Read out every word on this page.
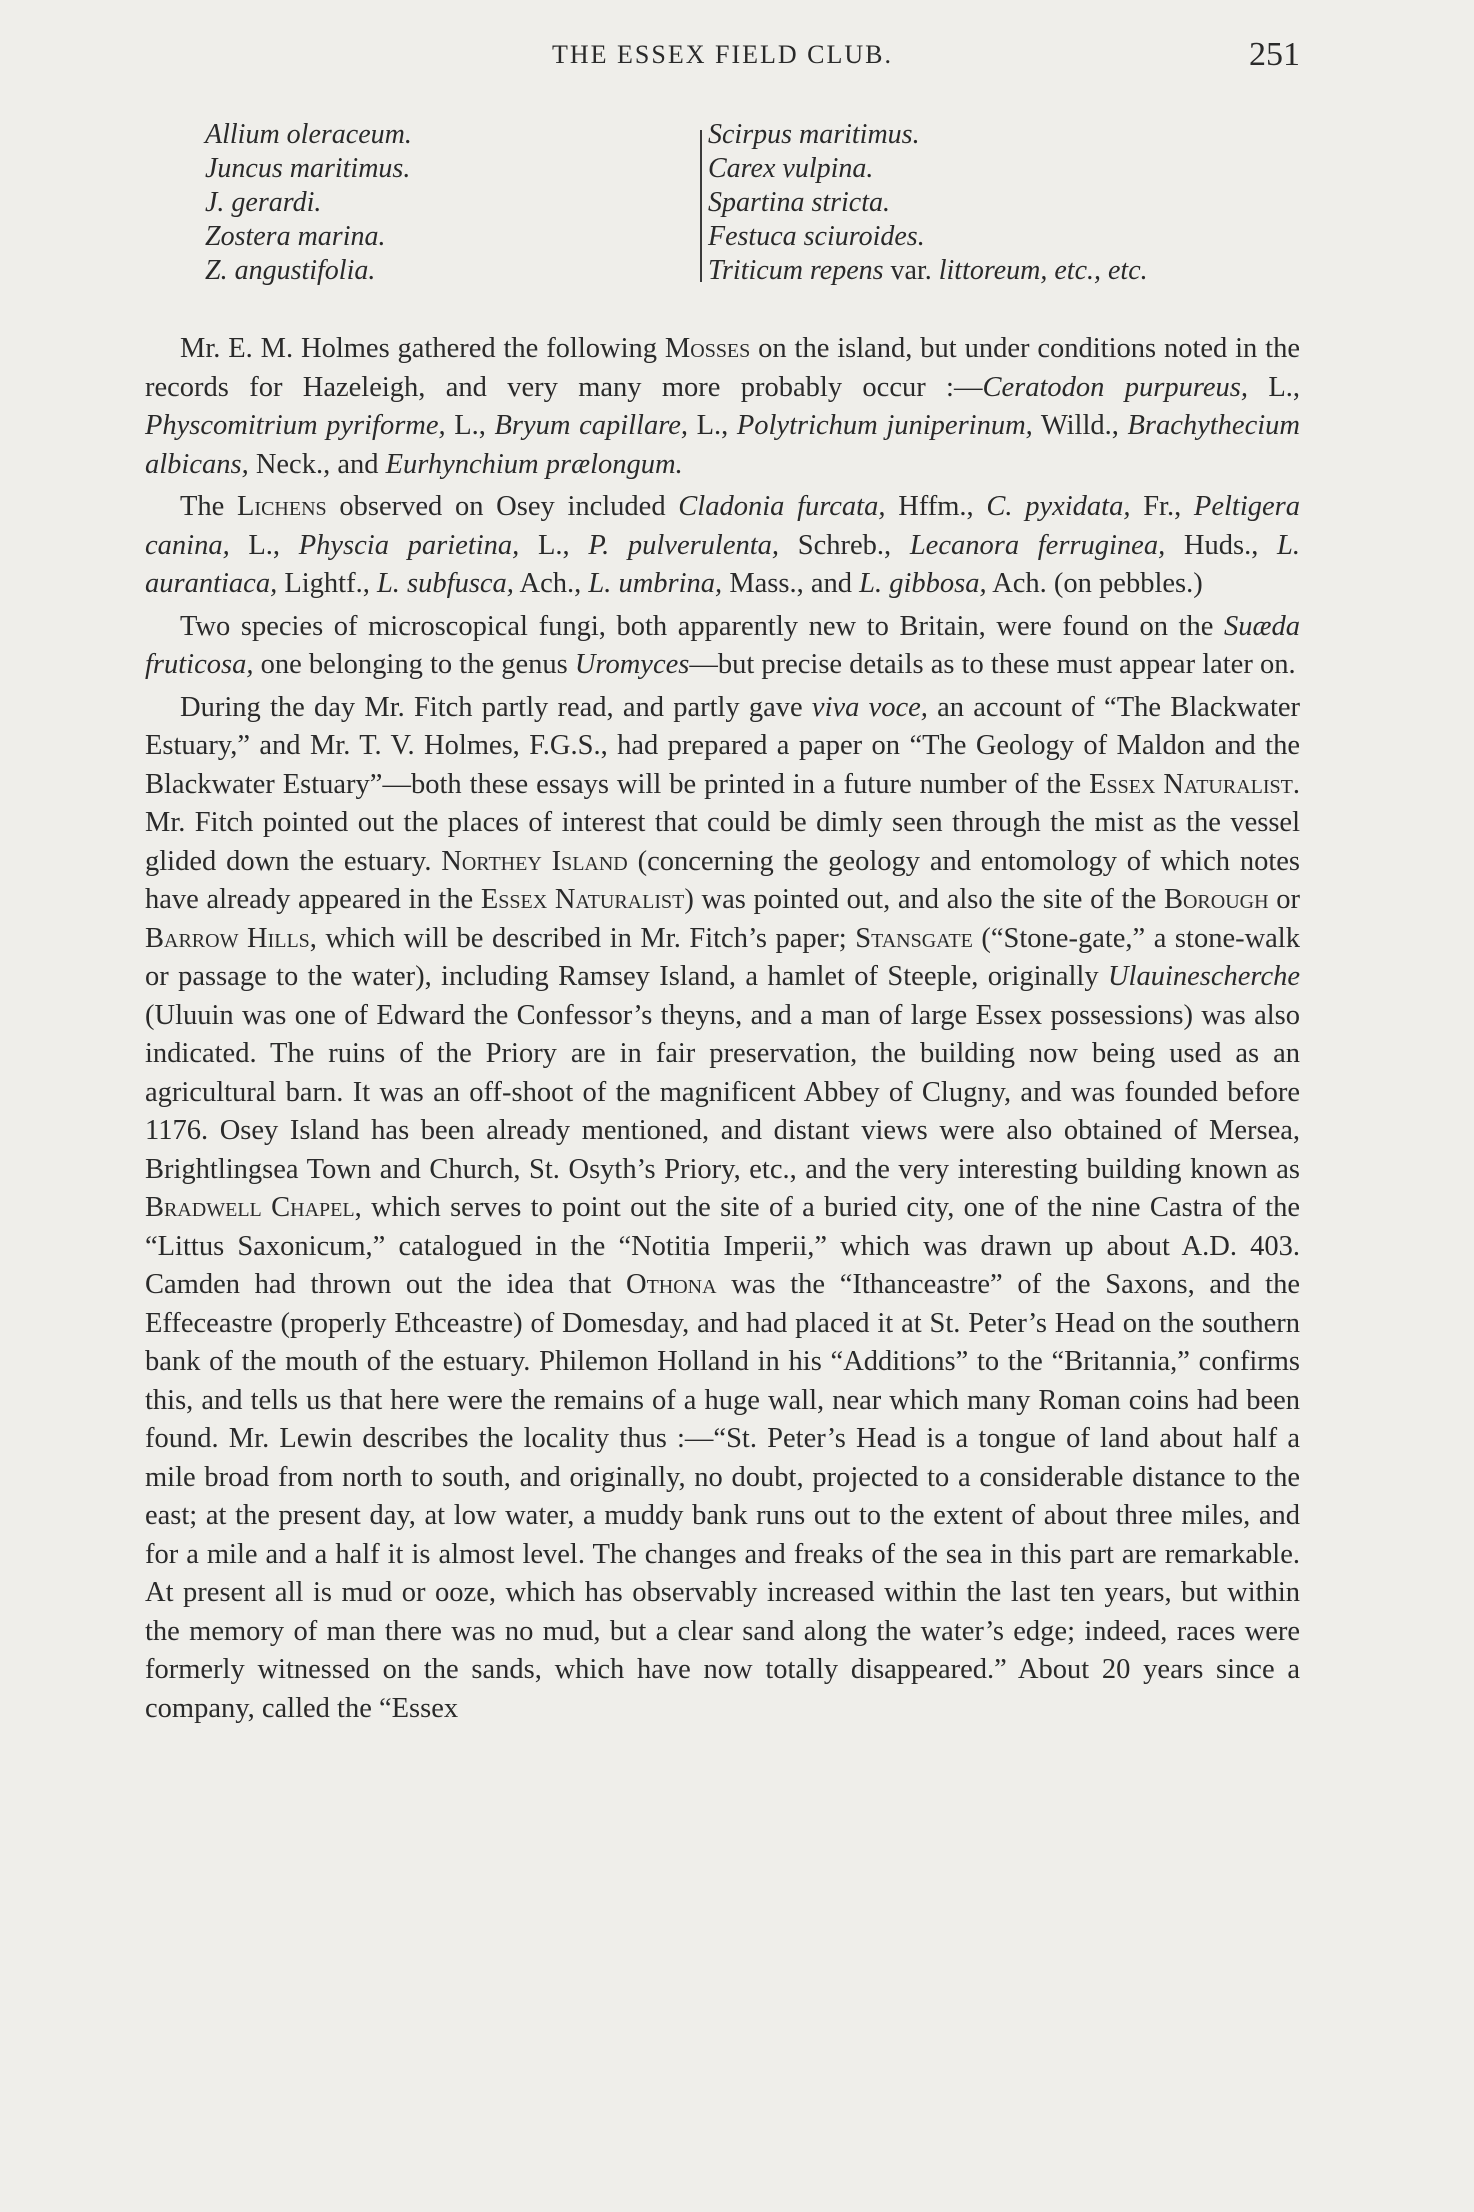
THE ESSEX FIELD CLUB.	251
Allium oleraceum.
Juncus maritimus.
J. gerardi.
Zostera marina.
Z. angustifolia.
Scirpus maritimus.
Carex vulpina.
Spartina stricta.
Festuca sciuroides.
Triticum repens var. littoreum, etc., etc.

Mr. E. M. Holmes gathered the following Mosses on the island, but under conditions noted in the records for Hazeleigh, and very many more probably occur :—Ceratodon purpureus, L., Physcomitrium pyriforme, L., Bryum capillare, L., Polytrichum juniperinum, Willd., Brachythecium albicans, Neck., and Eurhynchium prælongum.

The Lichens observed on Osey included Cladonia furcata, Hffm., C. pyxidata, Fr., Peltigera canina, L., Physcia parietina, L., P. pulverulenta, Schreb., Lecanora ferruginea, Huds., L. aurantiaca, Lightf., L. subfusca, Ach., L. umbrina, Mass., and L. gibbosa, Ach. (on pebbles.)

Two species of microscopical fungi, both apparently new to Britain, were found on the Suæda fruticosa, one belonging to the genus Uromyces—but precise details as to these must appear later on.

During the day Mr. Fitch partly read, and partly gave viva voce, an account of “The Blackwater Estuary,” and Mr. T. V. Holmes, F.G.S., had prepared a paper on “The Geology of Maldon and the Blackwater Estuary”—both these essays will be printed in a future number of the Essex Naturalist. Mr. Fitch pointed out the places of interest that could be dimly seen through the mist as the vessel glided down the estuary. Northey Island (concerning the geology and entomology of which notes have already appeared in the Essex Naturalist) was pointed out, and also the site of the Borough or Barrow Hills, which will be described in Mr. Fitch’s paper; Stansgate (“Stone-gate,” a stone-walk or passage to the water), including Ramsey Island, a hamlet of Steeple, originally Ulauinescherche (Uluuin was one of Edward the Confessor’s theyns, and a man of large Essex possessions) was also indicated. The ruins of the Priory are in fair preservation, the building now being used as an agricultural barn. It was an off-shoot of the magnificent Abbey of Clugny, and was founded before 1176. Osey Island has been already mentioned, and distant views were also obtained of Mersea, Brightlingsea Town and Church, St. Osyth’s Priory, etc., and the very interesting building known as Bradwell Chapel, which serves to point out the site of a buried city, one of the nine Castra of the “Littus Saxonicum,” catalogued in the “Notitia Imperii,” which was drawn up about A.D. 403. Camden had thrown out the idea that Othona was the “Ithanceastre” of the Saxons, and the Effeceastre (properly Ethceastre) of Domesday, and had placed it at St. Peter’s Head on the southern bank of the mouth of the estuary. Philemon Holland in his “Additions” to the “Britannia,” confirms this, and tells us that here were the remains of a huge wall, near which many Roman coins had been found. Mr. Lewin describes the locality thus :—“St. Peter’s Head is a tongue of land about half a mile broad from north to south, and originally, no doubt, projected to a considerable distance to the east; at the present day, at low water, a muddy bank runs out to the extent of about three miles, and for a mile and a half it is almost level. The changes and freaks of the sea in this part are remarkable. At present all is mud or ooze, which has observably increased within the last ten years, but within the memory of man there was no mud, but a clear sand along the water’s edge; indeed, races were formerly witnessed on the sands, which have now totally disappeared.” About 20 years since a company, called the “Essex
